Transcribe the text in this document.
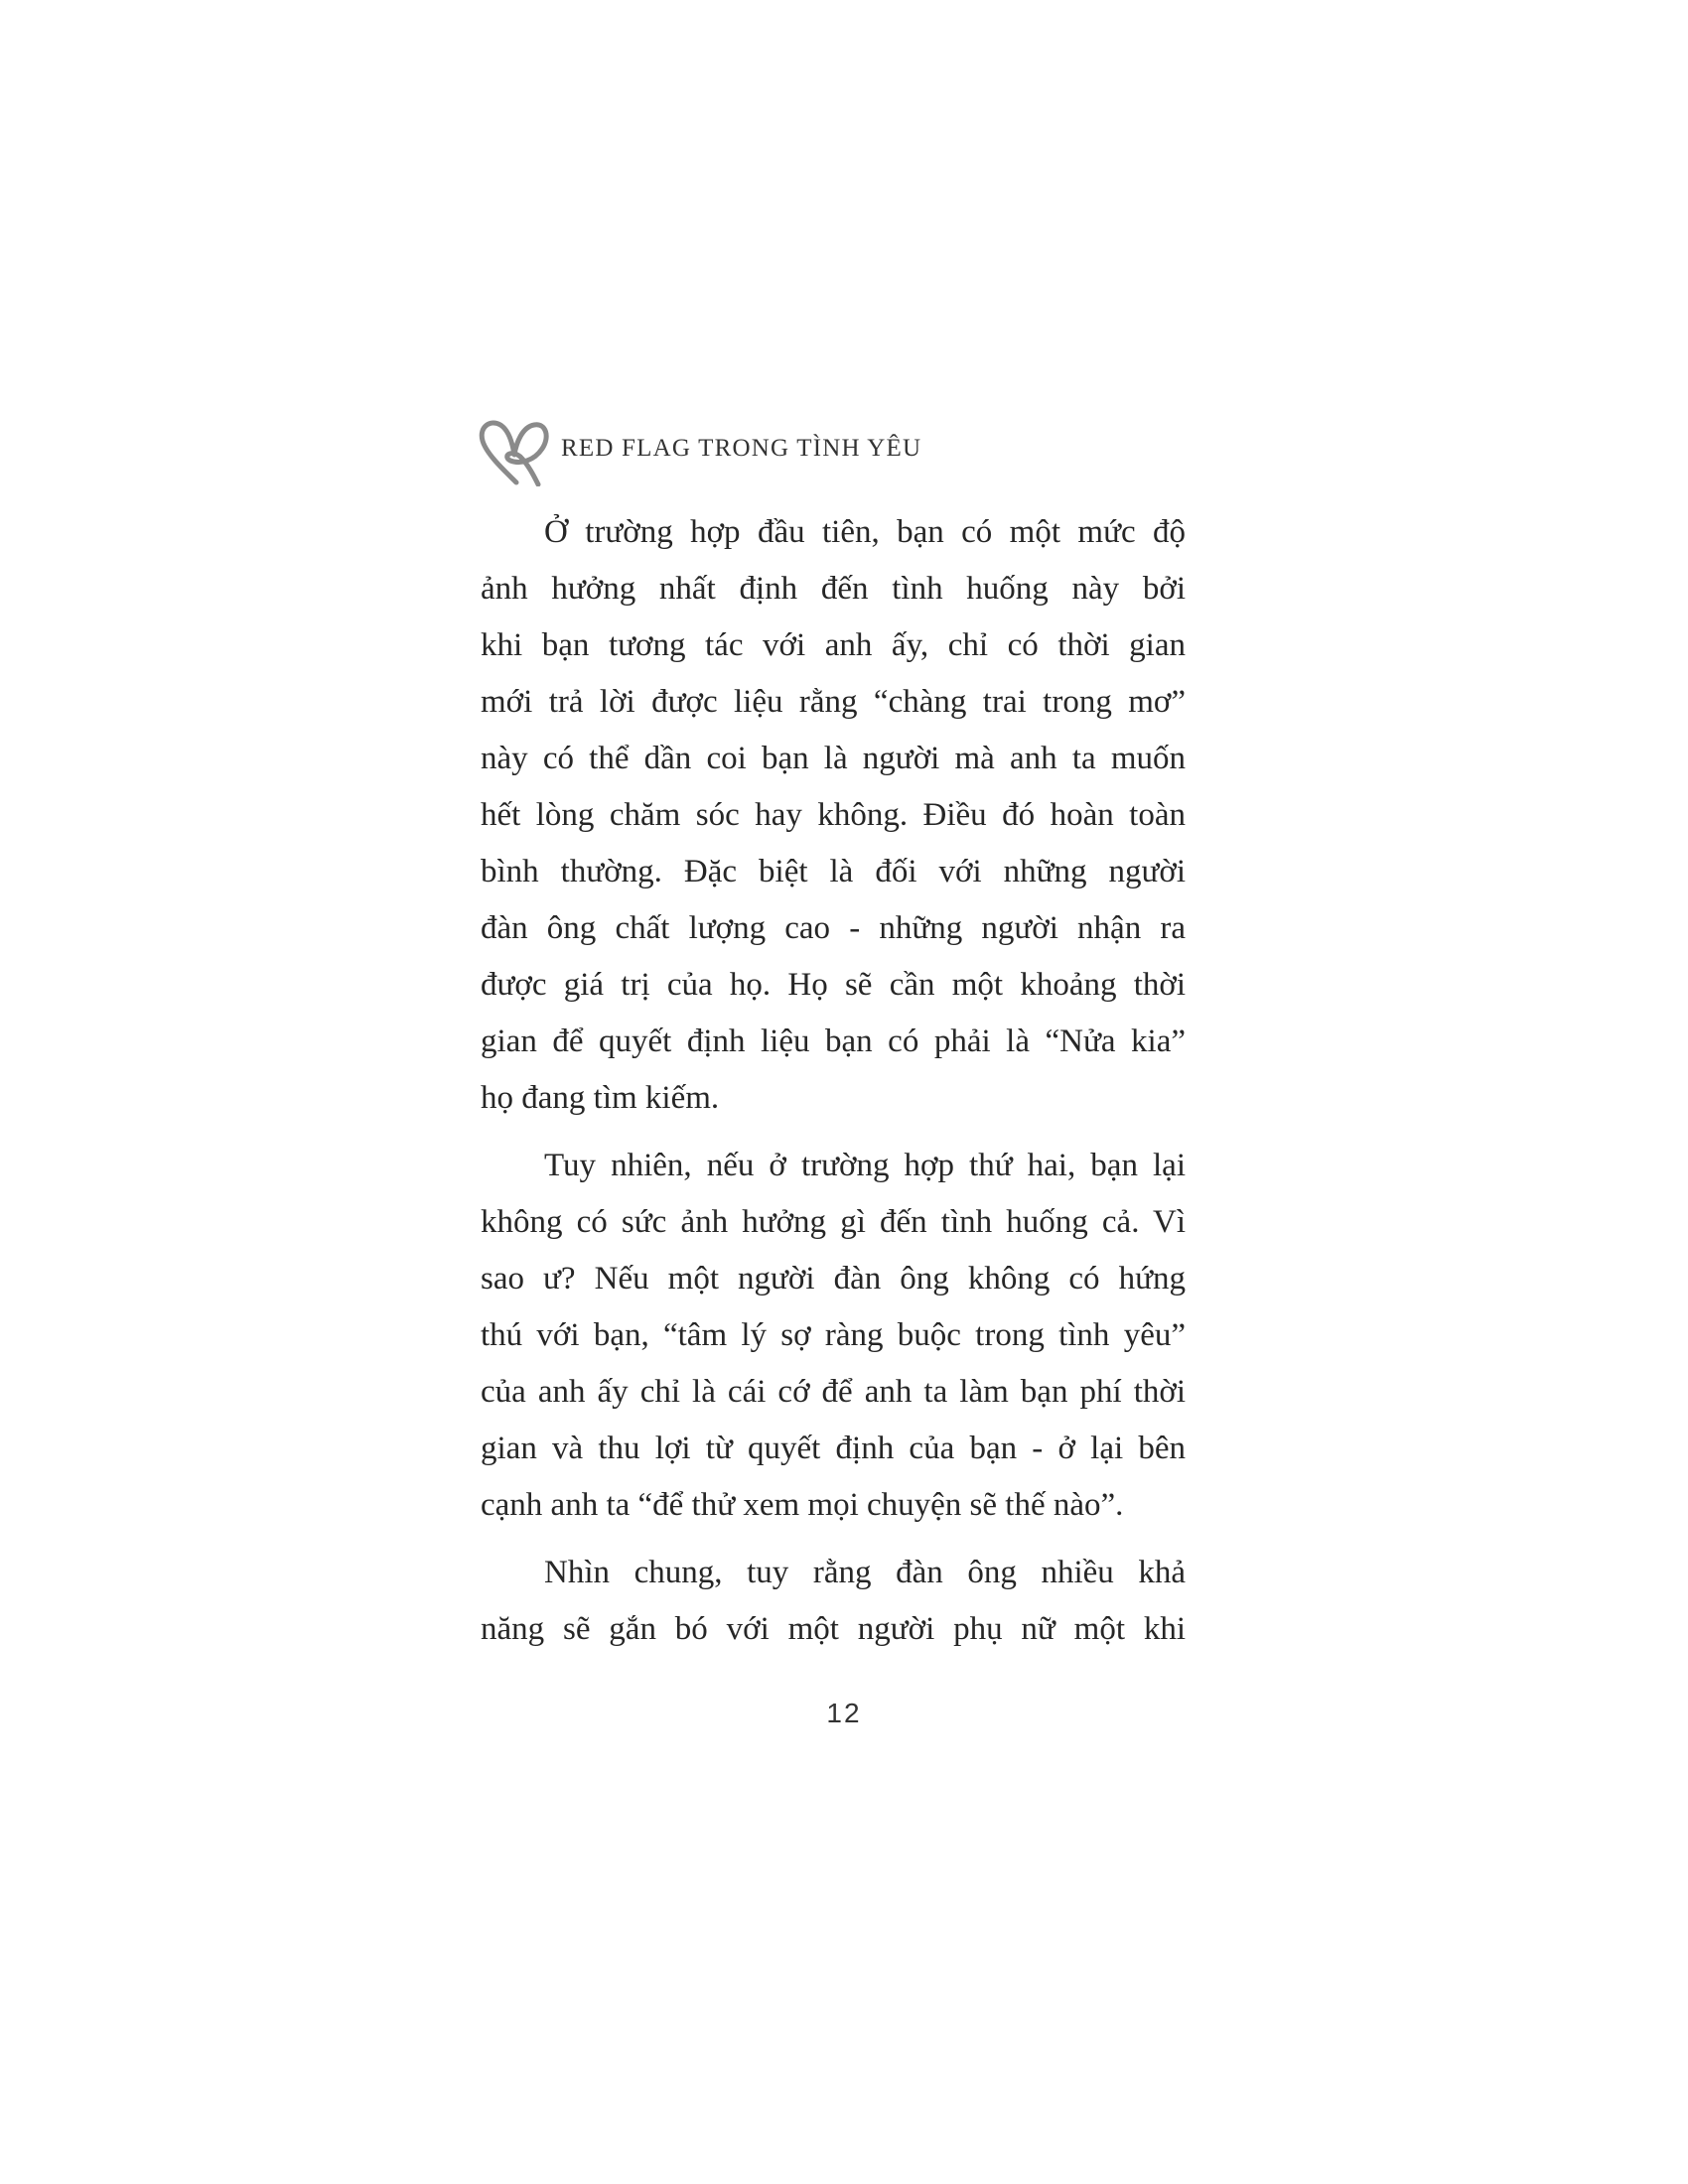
RED FLAG TRONG TÌNH YÊU
Ở trường hợp đầu tiên, bạn có một mức độ
ảnh hưởng nhất định đến tình huống này bởi
khi bạn tương tác với anh ấy, chỉ có thời gian
mới trả lời được liệu rằng “chàng trai trong mơ”
này có thể dần coi bạn là người mà anh ta muốn
hết lòng chăm sóc hay không. Điều đó hoàn toàn
bình thường. Đặc biệt là đối với những người
đàn ông chất lượng cao - những người nhận ra
được giá trị của họ. Họ sẽ cần một khoảng thời
gian để quyết định liệu bạn có phải là “Nửa kia”
họ đang tìm kiếm.
Tuy nhiên, nếu ở trường hợp thứ hai, bạn lại
không có sức ảnh hưởng gì đến tình huống cả. Vì
sao ư? Nếu một người đàn ông không có hứng
thú với bạn, “tâm lý sợ ràng buộc trong tình yêu”
của anh ấy chỉ là cái cớ để anh ta làm bạn phí thời
gian và thu lợi từ quyết định của bạn - ở lại bên
cạnh anh ta “để thử xem mọi chuyện sẽ thế nào”.
Nhìn chung, tuy rằng đàn ông nhiều khả
năng sẽ gắn bó với một người phụ nữ một khi
12
